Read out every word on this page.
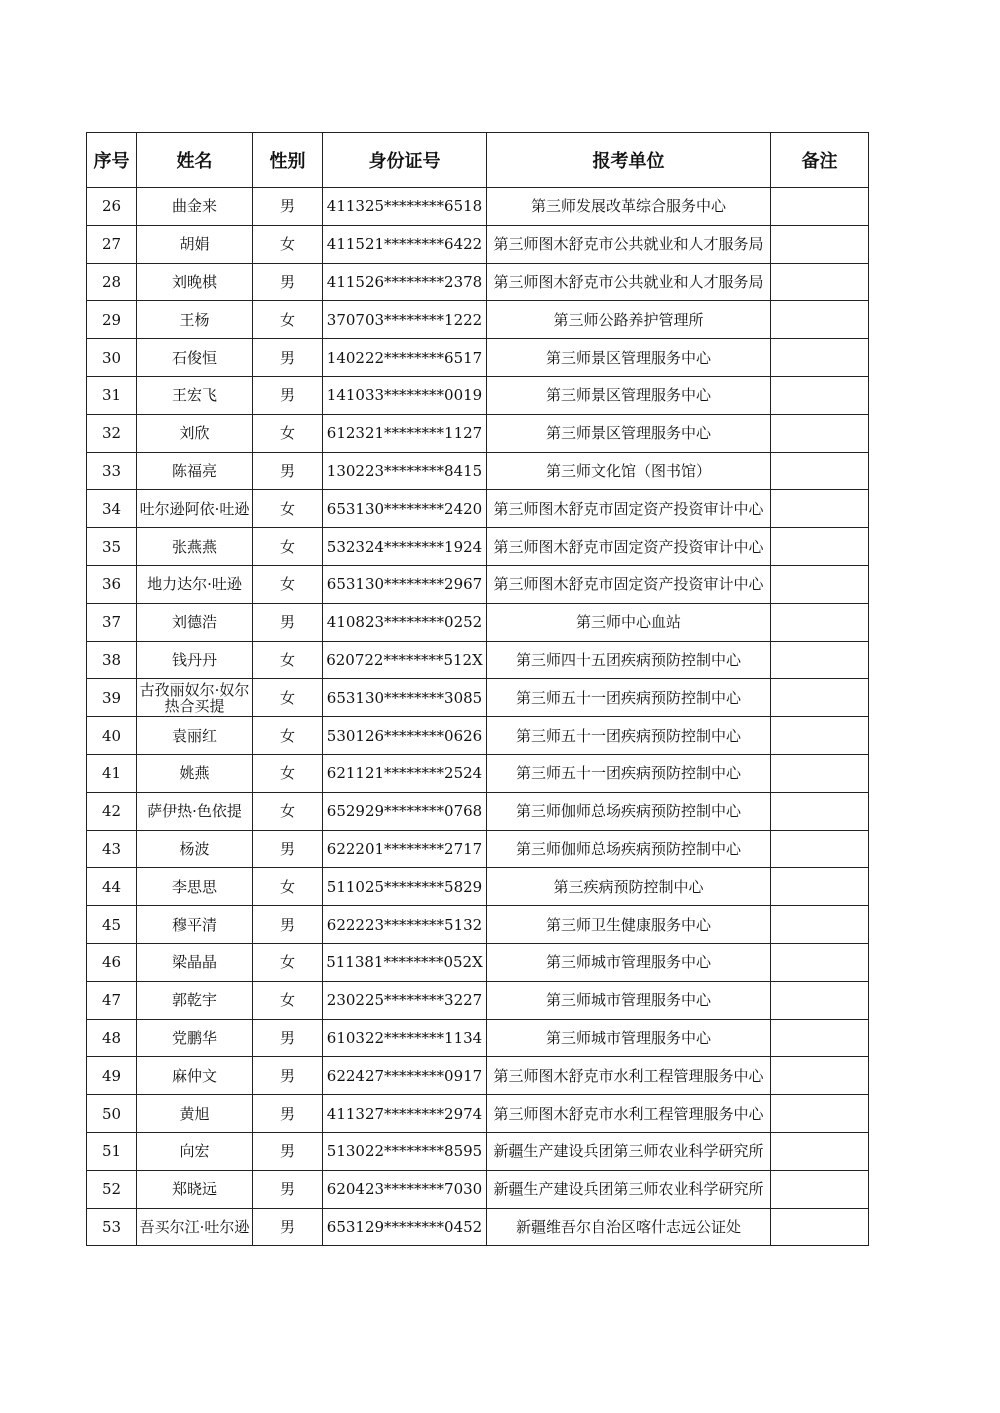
序号	姓名	性别	身份证号	报考单位	备注
26	曲金来	男	411325********6518	第三师发展改革综合服务中心	
27	胡娟	女	411521********6422	第三师图木舒克市公共就业和人才服务局	
28	刘晚棋	男	411526********2378	第三师图木舒克市公共就业和人才服务局	
29	王杨	女	370703********1222	第三师公路养护管理所	
30	石俊恒	男	140222********6517	第三师景区管理服务中心	
31	王宏飞	男	141033********0019	第三师景区管理服务中心	
32	刘欣	女	612321********1127	第三师景区管理服务中心	
33	陈福亮	男	130223********8415	第三师文化馆（图书馆）	
34	吐尔逊阿依·吐逊	女	653130********2420	第三师图木舒克市固定资产投资审计中心	
35	张燕燕	女	532324********1924	第三师图木舒克市固定资产投资审计中心	
36	地力达尔·吐逊	女	653130********2967	第三师图木舒克市固定资产投资审计中心	
37	刘德浩	男	410823********0252	第三师中心血站	
38	钱丹丹	女	620722********512X	第三师四十五团疾病预防控制中心	
39	古孜丽奴尔·奴尔热合买提	女	653130********3085	第三师五十一团疾病预防控制中心	
40	袁丽红	女	530126********0626	第三师五十一团疾病预防控制中心	
41	姚燕	女	621121********2524	第三师五十一团疾病预防控制中心	
42	萨伊热·色依提	女	652929********0768	第三师伽师总场疾病预防控制中心	
43	杨波	男	622201********2717	第三师伽师总场疾病预防控制中心	
44	李思思	女	511025********5829	第三疾病预防控制中心	
45	穆平清	男	622223********5132	第三师卫生健康服务中心	
46	梁晶晶	女	511381********052X	第三师城市管理服务中心	
47	郭乾宇	女	230225********3227	第三师城市管理服务中心	
48	党鹏华	男	610322********1134	第三师城市管理服务中心	
49	麻仲文	男	622427********0917	第三师图木舒克市水利工程管理服务中心	
50	黄旭	男	411327********2974	第三师图木舒克市水利工程管理服务中心	
51	向宏	男	513022********8595	新疆生产建设兵团第三师农业科学研究所	
52	郑晓远	男	620423********7030	新疆生产建设兵团第三师农业科学研究所	
53	吾买尔江·吐尔逊	男	653129********0452	新疆维吾尔自治区喀什志远公证处	
